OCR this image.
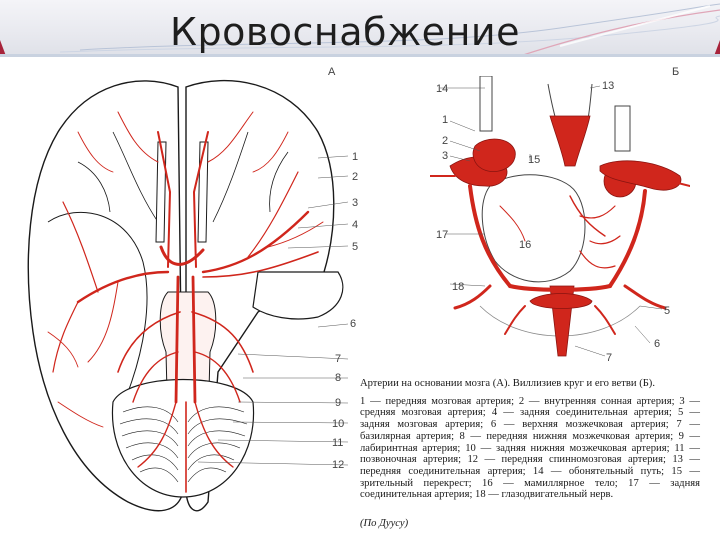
Кровоснабжение
А
1
2
3
4
5
6
7
8
9
10
11
12
Б
14	13
1
2
3	15
16
17
18
5
6
7

Артерии на основании мозга (А). Виллизиев круг и его ветви (Б).

1 — передняя мозговая артерия; 2 — внутренняя сонная артерия; 3 — средняя мозговая артерия; 4 — задняя соединительная артерия; 5 — задняя мозговая артерия; 6 — верхняя мозжечковая артерия; 7 — базилярная артерия; 8 — передняя нижняя мозжечковая артерия; 9 — лабиринтная артерия; 10 — задняя нижняя мозжечковая артерия; 11 — позвоночная артерия; 12 — передняя спинномозговая артерия; 13 — передняя соединительная артерия; 14 — обонятельный путь; 15 — зрительный перекрест; 16 — мамиллярное тело; 17 — задняя соединительная артерия; 18 — глазодвигательный нерв.

(По Дуусу)
